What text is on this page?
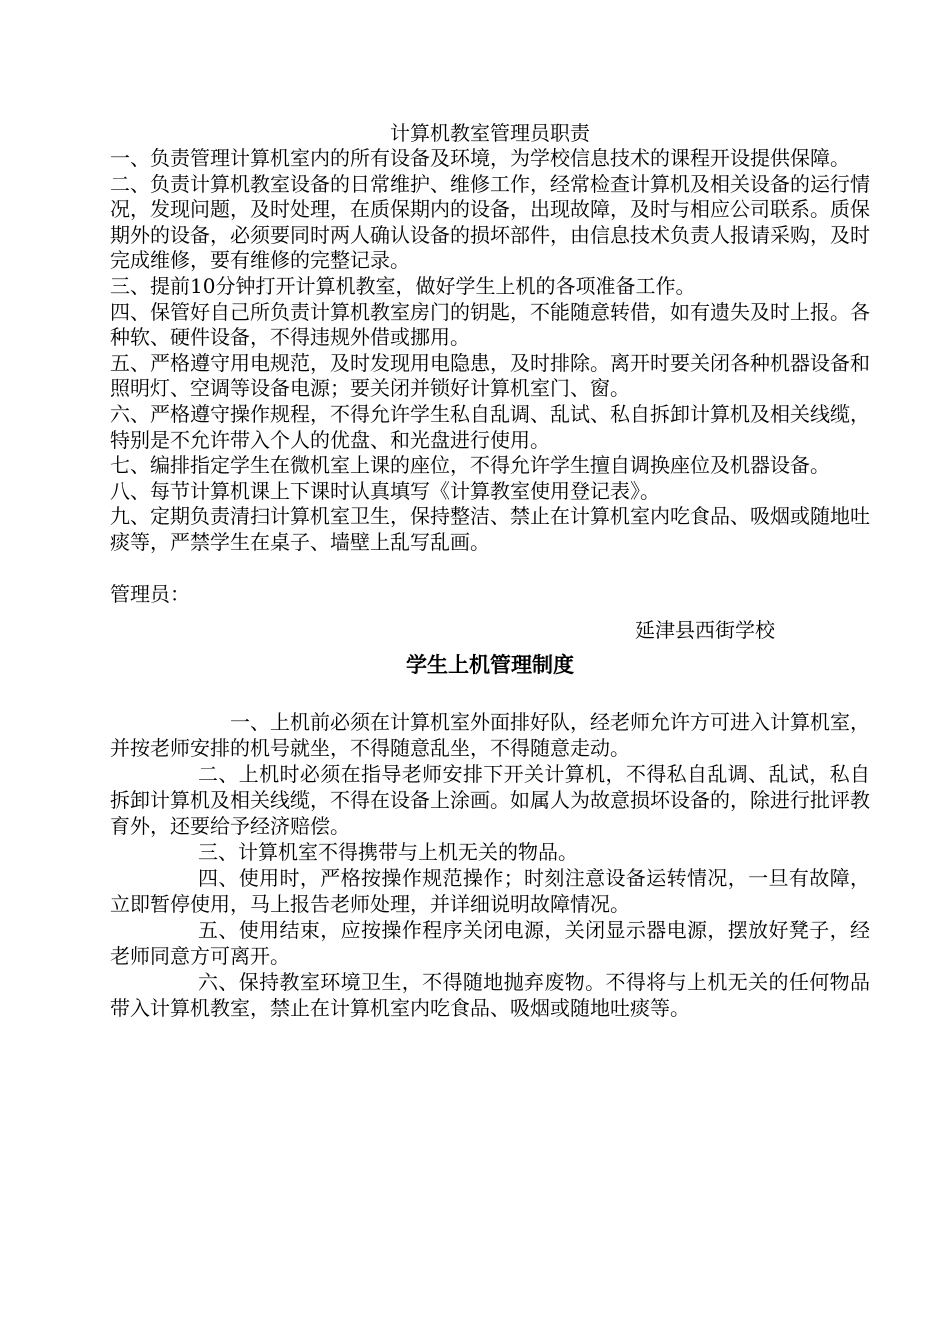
计算机教室管理员职责

一、负责管理计算机室内的所有设备及环境，为学校信息技术的课程开设提供保障。

二、负责计算机教室设备的日常维护、维修工作，经常检查计算机及相关设备的运行情况，发现问题，及时处理，在质保期内的设备，出现故障，及时与相应公司联系。质保期外的设备，必须要同时两人确认设备的损坏部件，由信息技术负责人报请采购，及时完成维修，要有维修的完整记录。

三、提前10分钟打开计算机教室，做好学生上机的各项准备工作。

四、保管好自己所负责计算机教室房门的钥匙，不能随意转借，如有遗失及时上报。各种软、硬件设备，不得违规外借或挪用。

五、严格遵守用电规范，及时发现用电隐患，及时排除。离开时要关闭各种机器设备和照明灯、空调等设备电源；要关闭并锁好计算机室门、窗。

六、严格遵守操作规程，不得允许学生私自乱调、乱试、私自拆卸计算机及相关线缆，特别是不允许带入个人的优盘、和光盘进行使用。

七、编排指定学生在微机室上课的座位，不得允许学生擅自调换座位及机器设备。

八、每节计算机课上下课时认真填写《计算教室使用登记表》。

九、定期负责清扫计算机室卫生，保持整洁、禁止在计算机室内吃食品、吸烟或随地吐痰等，严禁学生在桌子、墙壁上乱写乱画。

管理员：

延津县西街学校

学生上机管理制度

一、上机前必须在计算机室外面排好队，经老师允许方可进入计算机室，并按老师安排的机号就坐，不得随意乱坐，不得随意走动。

二、上机时必须在指导老师安排下开关计算机，不得私自乱调、乱试，私自拆卸计算机及相关线缆，不得在设备上涂画。如属人为故意损坏设备的，除进行批评教育外，还要给予经济赔偿。

三、计算机室不得携带与上机无关的物品。

四、使用时，严格按操作规范操作；时刻注意设备运转情况，一旦有故障，立即暂停使用，马上报告老师处理，并详细说明故障情况。

五、使用结束，应按操作程序关闭电源，关闭显示器电源，摆放好凳子，经老师同意方可离开。

六、保持教室环境卫生，不得随地抛弃废物。不得将与上机无关的任何物品带入计算机教室，禁止在计算机室内吃食品、吸烟或随地吐痰等。
